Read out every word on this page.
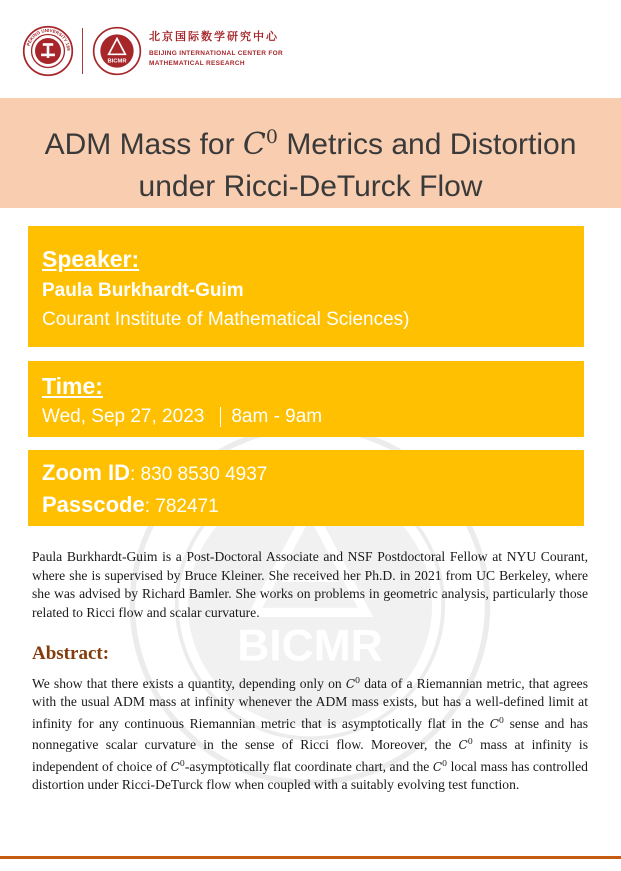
BICMR
PEKING UNIVERSITY 189
BICMR
北京国际数学研究中心
BEIJING INTERNATIONAL CENTER FOR
MATHEMATICAL RESEARCH
ADM Mass for $C^0$ Metrics and Distortion
under Ricci-DeTurck Flow
Speaker:
Paula Burkhardt-Guim
Courant Institute of Mathematical Sciences)
Time:
Wed, Sep 27, 2023 8am - 9am
Zoom ID: 830 8530 4937
Passcode: 782471
Paula Burkhardt-Guim is a Post-Doctoral Associate and NSF Postdoctoral Fellow at NYU Courant, where she is supervised by Bruce Kleiner. She received her Ph.D. in 2021 from UC Berkeley, where she was advised by Richard Bamler. She works on problems in geometric analysis, particularly those related to Ricci flow and scalar curvature.
Abstract:
We show that there exists a quantity, depending only on $C^0$ data of a Riemannian metric, that agrees with the usual ADM mass at infinity whenever the ADM mass exists, but has a well-defined limit at infinity for any continuous Riemannian metric that is asymptotically flat in the $C^0$ sense and has nonnegative scalar curvature in the sense of Ricci flow. Moreover, the $C^0$ mass at infinity is independent of choice of $C^0$-asymptotically flat coordinate chart, and the $C^0$ local mass has controlled distortion under Ricci-DeTurck flow when coupled with a suitably evolving test function.
